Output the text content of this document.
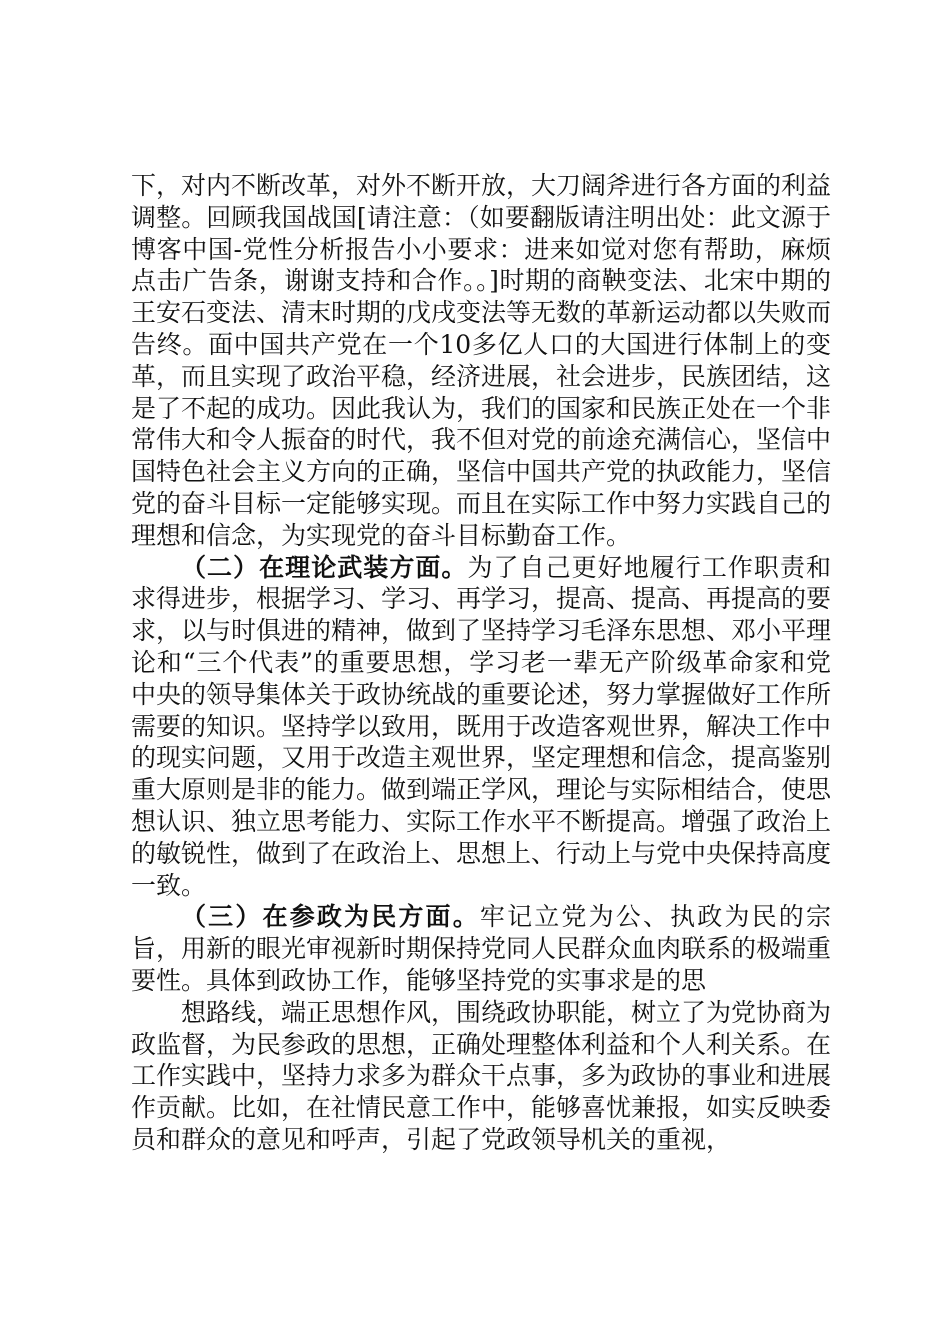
下，对内不断改革，对外不断开放，大刀阔斧进行各方面的利益调整。回顾我国战国[请注意：（如要翻版请注明出处：此文源于博客中国-党性分析报告小小要求：进来如觉对您有帮助，麻烦点击广告条，谢谢支持和合作。。]时期的商鞅变法、北宋中期的王安石变法、清末时期的戊戌变法等无数的革新运动都以失败而告终。面中国共产党在一个10多亿人口的大国进行体制上的变革，而且实现了政治平稳，经济进展，社会进步，民族团结，这是了不起的成功。因此我认为，我们的国家和民族正处在一个非常伟大和令人振奋的时代，我不但对党的前途充满信心，坚信中国特色社会主义方向的正确，坚信中国共产党的执政能力，坚信党的奋斗目标一定能够实现。而且在实际工作中努力实践自己的理想和信念，为实现党的奋斗目标勤奋工作。

（二）在理论武装方面。为了自己更好地履行工作职责和求得进步，根据学习、学习、再学习，提高、提高、再提高的要求，以与时俱进的精神，做到了坚持学习毛泽东思想、邓小平理论和“三个代表”的重要思想，学习老一辈无产阶级革命家和党中央的领导集体关于政协统战的重要论述，努力掌握做好工作所需要的知识。坚持学以致用，既用于改造客观世界，解决工作中的现实问题，又用于改造主观世界，坚定理想和信念，提高鉴别重大原则是非的能力。做到端正学风，理论与实际相结合，使思想认识、独立思考能力、实际工作水平不断提高。增强了政治上的敏锐性，做到了在政治上、思想上、行动上与党中央保持高度一致。

（三）在参政为民方面。牢记立党为公、执政为民的宗旨，用新的眼光审视新时期保持党同人民群众血肉联系的极端重要性。具体到政协工作，能够坚持党的实事求是的思

想路线，端正思想作风，围绕政协职能，树立了为党协商为政监督，为民参政的思想，正确处理整体利益和个人利关系。在工作实践中，坚持力求多为群众干点事，多为政协的事业和进展作贡献。比如，在社情民意工作中，能够喜忧兼报，如实反映委员和群众的意见和呼声，引起了党政领导机关的重视，
